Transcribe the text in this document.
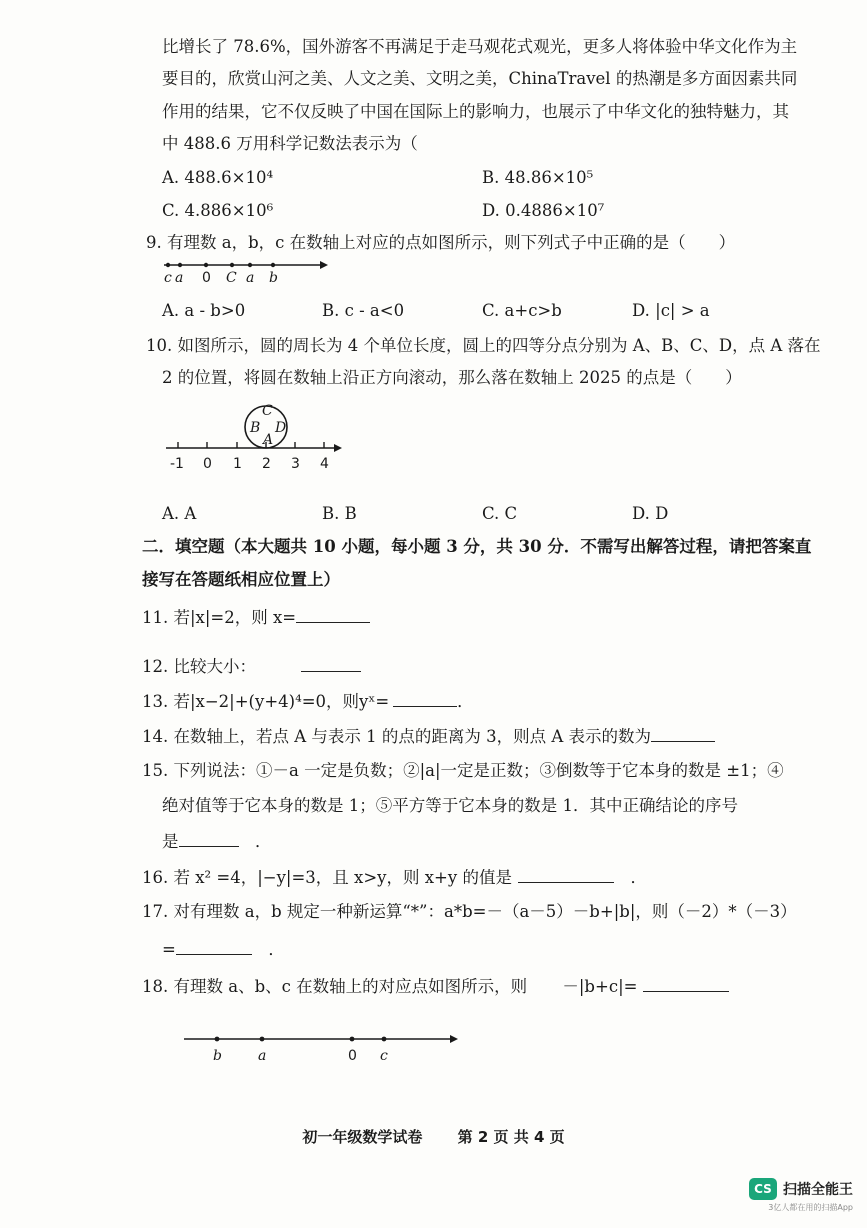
比增长了 78.6%，国外游客不再满足于走马观花式观光，更多人将体验中华文化作为主
要目的，欣赏山河之美、人文之美、文明之美，ChinaTravel 的热潮是多方面因素共同
作用的结果，它不仅反映了中国在国际上的影响力，也展示了中华文化的独特魅力，其
中 488.6 万用科学记数法表示为（
A. 488.6×10⁴	B. 48.86×10⁵
C. 4.886×10⁶	D. 0.4886×10⁷
9. 有理数 a，b，c 在数轴上对应的点如图所示，则下列式子中正确的是（　　）
c a 0 C a b
A. a - b>0	B. c - a<0	C. a+c>b	D. |c| > a
10. 如图所示，圆的周长为 4 个单位长度，圆上的四等分点分别为 A、B、C、D，点 A 落在
2 的位置，将圆在数轴上沿正方向滚动，那么落在数轴上 2025 的点是（　　）
C
B D
A
-1 0 1 2 3 4
A. A	B. B	C. C	D. D
二．填空题（本大题共 10 小题，每小题 3 分，共 30 分．不需写出解答过程，请把答案直
接写在答题纸相应位置上）
11. 若|x|=2，则 x=
12. 比较大小：
13. 若|x−2|+(y+4)⁴=0，则yˣ=	．
14. 在数轴上，若点 A 与表示 1 的点的距离为 3，则点 A 表示的数为
15. 下列说法：①－a 一定是负数；②|a|一定是正数；③倒数等于它本身的数是 ±1；④
绝对值等于它本身的数是 1；⑤平方等于它本身的数是 1．其中正确结论的序号
是	　．
16. 若 x² =4，|−y|=3，且 x>y，则 x+y 的值是	　．
17. 对有理数 a，b 规定一种新运算“*”：a*b=－（a－5）－b+|b|，则（－2）*（－3）
=	　．
18. 有理数 a、b、c 在数轴上的对应点如图所示，则 －|b+c|=
b	a	0 c
初一年级数学试卷 第 2 页 共 4 页
CS 扫描全能王
3亿人都在用的扫描App
